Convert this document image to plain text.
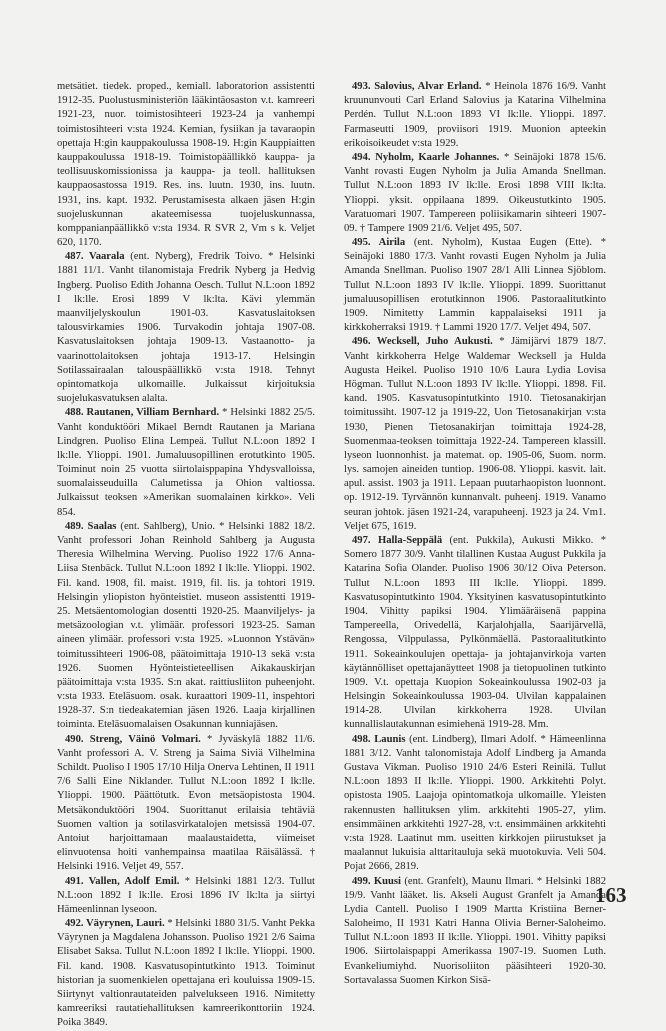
metsätiet. tiedek. proped., kemiall. laboratorion assistentti 1912-35. Puolustusministeriön lääkintäosaston v.t. kamreeri 1921-23, nuor. toimistosihteeri 1923-24 ja vanhempi toimistosihteeri v:sta 1924. Kemian, fysiikan ja tavaraopin opettaja H:gin kauppakoulussa 1908-19. H:gin Kauppiaitten kauppakoulussa 1918-19. Toimistopäällikkö kauppa- ja teollisuuskomissionissa ja kauppa- ja teoll. hallituksen kauppaosastossa 1919. Res. ins. luutn. 1930, ins. luutn. 1931, ins. kapt. 1932. Perustamisesta alkaen jäsen H:gin suojeluskunnan akateemisessa tuojeluskunnassa, komppanianpäällikkö v:sta 1934. R SVR 2, Vm s k. Veljet 620, 1170.

487. Vaarala (ent. Nyberg), Fredrik Toivo. * Helsinki 1881 11/1. Vanht tilanomistaja Fredrik Nyberg ja Hedvig Ingberg. Puoliso Edith Johanna Oesch. Tullut N.L:oon 1892 I lk:lle. Erosi 1899 V lk:lta. Kävi ylemmän maanviljelyskoulun 1901-03. Kasvatuslaitoksen talousvirkamies 1906. Turvakodin johtaja 1907-08. Kasvatuslaitoksen johtaja 1909-13. Vastaanotto- ja vaarinottolaitoksen johtaja 1913-17. Helsingin Sotilassairaalan talouspäällikkö v:sta 1918. Tehnyt opintomatkoja ulkomaille. Julkaissut kirjoituksia suojelukasvatuksen alalta.

488. Rautanen, Villiam Bernhard. * Helsinki 1882 25/5. Vanht konduktööri Mikael Berndt Rautanen ja Mariana Lindgren. Puoliso Elina Lempeä. Tullut N.L:oon 1892 I lk:lle. Ylioppi. 1901. Jumaluusopillinen erotutkinto 1905. Toiminut noin 25 vuotta siirtolaisppapina Yhdysvalloissa, suomalaisseuduilla Calumetissa ja Ohion valtiossa. Julkaissut teoksen »Amerikan suomalainen kirkko». Veli 854.

489. Saalas (ent. Sahlberg), Unio. * Helsinki 1882 18/2. Vanht professori Johan Reinhold Sahlberg ja Augusta Theresia Wilhelmina Werving. Puoliso 1922 17/6 Anna-Liisa Stenbäck. Tullut N.L:oon 1892 I lk:lle. Ylioppi. 1902. Fil. kand. 1908, fil. maist. 1919, fil. lis. ja tohtori 1919. Helsingin yliopiston hyönteistiet. museon assistentti 1919-25. Metsäentomologian dosentti 1920-25. Maanviljelys- ja metsäzoologian v.t. ylimäär. professori 1923-25. Saman aineen ylimäär. professori v:sta 1925. »Luonnon Ystävän» toimitussihteeri 1906-08, päätoimittaja 1910-13 sekä v:sta 1926. Suomen Hyönteistieteellisen Aikakauskirjan päätoimittaja v:sta 1935. S:n akat. raittiusliiton puheenjoht. v:sta 1933. Eteläsuom. osak. kuraattori 1909-11, inspehtori 1928-37. S:n tiedeakatemian jäsen 1926. Laaja kirjallinen toiminta. Eteläsuomalaisen Osakunnan kunniajäsen.

490. Streng, Väinö Volmari. * Jyväskylä 1882 11/6. Vanht professori A. V. Streng ja Saima Siviä Vilhelmina Schildt. Puoliso I 1905 17/10 Hilja Onerva Lehtinen, II 1911 7/6 Salli Eine Niklander. Tullut N.L:oon 1892 I lk:lle. Ylioppi. 1900. Päättötutk. Evon metsäopistosta 1904. Metsäkonduktööri 1904. Suorittanut erilaisia tehtäviä Suomen valtion ja sotilasvirkatalojen metsissä 1904-07. Antoiut harjoittamaan maalaustaidetta, viimeiset elinvuotensa hoiti vanhempainsa maatilaa Räisälässä. † Helsinki 1916. Veljet 49, 557.

491. Vallen, Adolf Emil. * Helsinki 1881 12/3. Tullut N.L:oon 1892 I lk:lle. Erosi 1896 IV lk:lta ja siirtyi Hämeenlinnan lyseoon.

492. Väyrynen, Lauri. * Helsinki 1880 31/5. Vanht Pekka Väyrynen ja Magdalena Johansson. Puoliso 1921 2/6 Saima Elisabet Saksa. Tullut N.L:oon 1892 I lk:lle. Ylioppi. 1900. Fil. kand. 1908. Kasvatusopintutkinto 1913. Toiminut historian ja suomenkielen opettajana eri kouluissa 1909-15. Siirtynyt valtionrautateiden palvelukseen 1916. Nimitetty kamreeriksi rautatiehallituksen kamreerikonttoriin 1924. Poika 3849.

493. Salovius, Alvar Erland. * Heinola 1876 16/9. Vanht kruununvouti Carl Erland Salovius ja Katarina Vilhelmina Perdén. Tullut N.L:oon 1893 VI lk:lle. Ylioppi. 1897. Farmaseutti 1909, proviisori 1919. Muonion apteekin erikoisoikeudet v:sta 1929.

494. Nyholm, Kaarle Johannes. * Seinäjoki 1878 15/6. Vanht rovasti Eugen Nyholm ja Julia Amanda Snellman. Tullut N.L:oon 1893 IV lk:lle. Erosi 1898 VIII lk:lta. Ylioppi. yksit. oppilaana 1899. Oikeustutkinto 1905. Varatuomari 1907. Tampereen poliisikamarin sihteeri 1907-09. † Tampere 1909 21/6. Veljet 495, 507.

495. Airila (ent. Nyholm), Kustaa Eugen (Ette). * Seinäjoki 1880 17/3. Vanht rovasti Eugen Nyholm ja Julia Amanda Snellman. Puoliso 1907 28/1 Alli Linnea Sjöblom. Tullut N.L:oon 1893 IV lk:lle. Ylioppi. 1899. Suorittanut jumaluusopillisen erotutkinnon 1906. Pastoraalitutkinto 1909. Nimitetty Lammin kappalaiseksi 1911 ja kirkkoherraksi 1919. † Lammi 1920 17/7. Veljet 494, 507.

496. Wecksell, Juho Aukusti. * Jämijärvi 1879 18/7. Vanht kirkkoherra Helge Waldemar Wecksell ja Hulda Augusta Heikel. Puoliso 1910 10/6 Laura Lydia Lovisa Högman. Tullut N.L:oon 1893 IV lk:lle. Ylioppi. 1898. Fil. kand. 1905. Kasvatusopintutkinto 1910. Tietosanakirjan toimitussiht. 1907-12 ja 1919-22, Uon Tietosanakirjan v:sta 1930, Pienen Tietosanakirjan toimittaja 1924-28, Suomenmaa-teoksen toimittaja 1922-24. Tampereen klassill. lyseon luonnonhist. ja matemat. op. 1905-06, Suom. norm. lys. samojen aineiden tuntiop. 1906-08. Ylioppi. kasvit. lait. apul. assist. 1903 ja 1911. Lepaan puutarhaopiston luonnont. op. 1912-19. Tyrvännön kunnanvalt. puheenj. 1919. Vanamo seuran johtok. jäsen 1921-24, varapuheenj. 1923 ja 24. Vm1. Veljet 675, 1619.

497. Halla-Seppälä (ent. Pukkila), Aukusti Mikko. * Somero 1877 30/9. Vanht tilallinen Kustaa August Pukkila ja Katarina Sofia Olander. Puoliso 1906 30/12 Oiva Peterson. Tullut N.L:oon 1893 III lk:lle. Ylioppi. 1899. Kasvatusopintutkinto 1904. Yksityinen kasvatusopintutkinto 1904. Vihitty papiksi 1904. Ylimääräisenä pappina Tampereella, Orivedellä, Karjalohjalla, Saarijärvellä, Rengossa, Vilppulassa, Pylkönmäellä. Pastoraalitutkinto 1911. Sokeainkoulujen opettaja- ja johtajanvirkoja varten käytännölliset opettajanäytteet 1908 ja tietopuolinen tutkinto 1909. V.t. opettaja Kuopion Sokeainkoulussa 1902-03 ja Helsingin Sokeainkoulussa 1903-04. Ulvilan kappalainen 1914-28. Ulvilan kirkkoherra 1928. Ulvilan kunnallislautakunnan esimiehenä 1919-28. Mm.

498. Launis (ent. Lindberg), Ilmari Adolf. * Hämeenlinna 1881 3/12. Vanht talonomistaja Adolf Lindberg ja Amanda Gustava Vikman. Puoliso 1910 24/6 Esteri Reinilä. Tullut N.L:oon 1893 II lk:lle. Ylioppi. 1900. Arkkitehti Polyt. opistosta 1905. Laajoja opintomatkoja ulkomaille. Yleisten rakennusten hallituksen ylim. arkkitehti 1905-27, ylim. ensimmäinen arkkitehti 1927-28, v:t. ensimmäinen arkkitehti v:sta 1928. Laatinut mm. useitten kirkkojen piirustukset ja maalannut lukuisia alttaritauluja sekä muotokuvia. Veli 504. Pojat 2666, 2819.

499. Kuusi (ent. Granfelt), Maunu Ilmari. * Helsinki 1882 19/9. Vanht lääket. lis. Akseli August Granfelt ja Amanda Lydia Cantell. Puoliso I 1909 Martta Kristiina Berner-Saloheimo, II 1931 Katri Hanna Olivia Berner-Saloheimo. Tullut N.L:oon 1893 II lk:lle. Ylioppi. 1901. Vihitty papiksi 1906. Siirtolaispappi Amerikassa 1907-19. Suomen Luth. Evankeliumiyhd. Nuorisoliiton pääsihteeri 1920-30. Sortavalassa Suomen Kirkon Sisä-

163
